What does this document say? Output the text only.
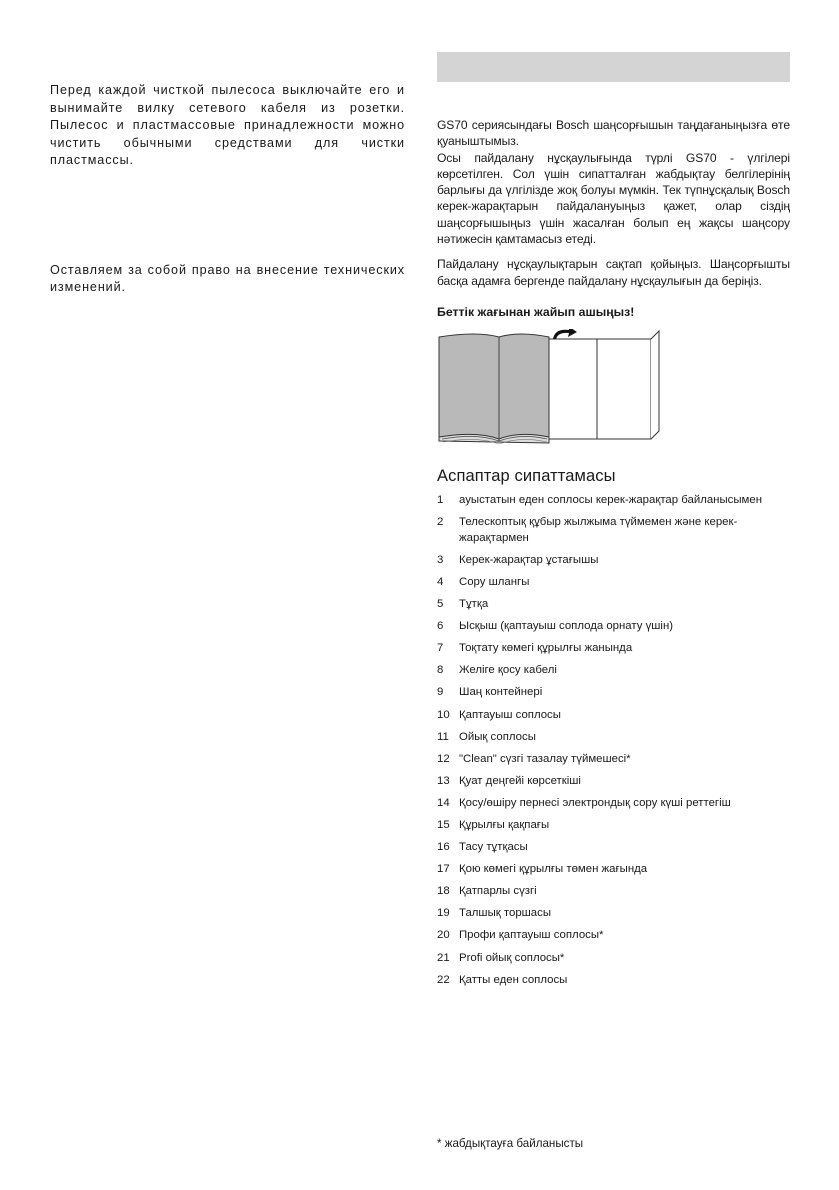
Перед каждой чисткой пылесоса выключайте его и вынимайте вилку сетевого кабеля из розетки. Пылесос и пластмассовые принадлежности можно чистить обычными средствами для чистки пластмассы.

Оставляем за собой право на внесение технических изменений.

GS70 сериясындағы Bosch шаңсорғышын таңдағаныңызға өте қуаныштымыз.

Осы пайдалану нұсқаулығында түрлі GS70 - үлгілері көрсетілген. Сол үшін сипатталған жабдықтау белгілерінің барлығы да үлгілізде жоқ болуы мүмкін. Тек түпнұсқалық Bosch керек-жарақтарын пайдалануыңыз қажет, олар сіздің шаңсорғышыңыз үшін жасалған болып ең жақсы шаңсору нәтижесін қамтамасыз етеді.

Пайдалану нұсқаулықтарын сақтап қойыңыз. Шаңсорғышты басқа адамға бергенде пайдалану нұсқаулығын да беріңіз.

Беттік жағынан жайып ашыңыз!
Аспаптар сипаттамасы
1	ауыстатын еден соплосы керек-жарақтар байланысымен
2	Телескоптық құбыр жылжыма түймемен және керек-жарақтармен
3	Керек-жарақтар ұстағышы
4	Сору шлангы
5	Тұтқа
6	Ысқыш (қаптауыш соплода орнату үшін)
7	Тоқтату көмегі құрылғы жанында
8	Желіге қосу кабелі
9	Шаң контейнері
10 Қаптауыш соплосы
11 Ойық соплосы
12 "Clean" сүзгі тазалау түймешесі*
13 Қуат деңгейі көрсеткіші
14 Қосу/өшіру пернесі электрондық сору күші реттегіш
15 Құрылғы қақпағы
16 Тасу тұтқасы
17 Қою көмегі құрылғы төмен жағында
18 Қатпарлы сүзгі
19 Талшық торшасы
20 Профи қаптауыш соплосы*
21 Profi ойық соплосы*
22 Қатты еден соплосы
* жабдықтауға байланысты
